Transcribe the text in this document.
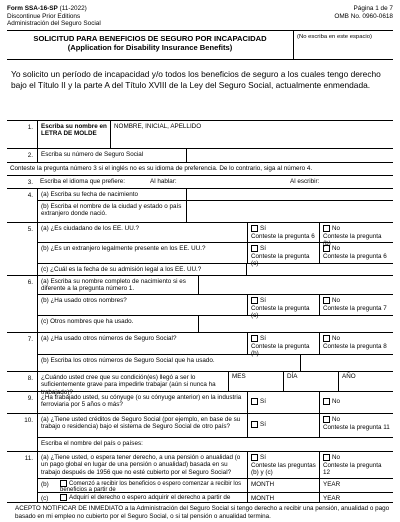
Form SSA-16-SP (11-2022)
Discontinue Prior Editions
Administración del Seguro Social
Página 1 de 7
OMB No. 0960-0618
SOLICITUD PARA BENEFICIOS DE SEGURO POR INCAPACIDAD
(Application for Disability Insurance Benefits)
(No escriba en este espacio)
Yo solicito un período de incapacidad y/o todos los beneficios de seguro a los cuales tengo derecho bajo el Título II y la parte A del Título XVIII de la Ley del Seguro Social, actualmente enmendada.
1.	Escriba su nombre en LETRA DE MOLDE
NOMBRE, INICIAL, APELLIDO
2.	Escriba su número de Seguro Social
Conteste la pregunta número 3 si el inglés no es su idioma de preferencia. De lo contrario, siga al número 4.
3.	Escriba el idioma que prefiere:	Al hablar:	Al escribir:
4.	(a) Escriba su fecha de nacimiento
(b) Escriba el nombre de la ciudad y estado o país extranjero donde nació.
5.	(a) ¿Es ciudadano de los EE. UU.?	Sí
Conteste la pregunta 6
No
Conteste la pregunta (b)
(b) ¿Es un extranjero legalmente presente en los EE. UU.?	Sí
Conteste la pregunta (c)
No
Conteste la pregunta 6
(c) ¿Cuál es la fecha de su admisión legal a los EE. UU.?
6.	(a) Escriba su nombre completo de nacimiento si es diferente a la pregunta número 1.
(b) ¿Ha usado otros nombres?	Sí
Conteste la pregunta (c)
No
Conteste la pregunta 7
(c) Otros nombres que ha usado.
7.	(a) ¿Ha usado otros números de Seguro Social?	Sí
Conteste la pregunta (b)
No
Conteste la pregunta 8
(b) Escriba los otros números de Seguro Social que ha usado.
8.	¿Cuándo usted cree que su condición(es) llegó a ser lo suficientemente grave para impedirle trabajar (aún si nunca ha trabajado)?
MES	DÍA	AÑO
9.	¿Ha trabajado usted, su cónyuge (o su cónyuge anterior) en la industria ferroviaria por 5 años o más?	Sí	No
10.	(a) ¿Tiene usted créditos de Seguro Social (por ejemplo, en base de su trabajo o residencia) bajo el sistema de Seguro Social de otro país?	Sí
No
Conteste la pregunta 11
Escriba el nombre del país o países:
11.	(a) ¿Tiene usted, o espera tener derecho, a una pensión o anualidad (o un pago global en lugar de una pensión o anualidad) basada en su trabajo después de 1956 que no esté cubierto por el Seguro Social?
Sí
Conteste las preguntas (b) y (c)
No
Conteste la pregunta 12
(b)	Comenzó a recibir los beneficios o espero comenzar a recibir los beneficios a partir de
MONTH	YEAR
(c)	Adquirí el derecho o espero adquirir el derecho a partir de	MONTH	YEAR
ACEPTO NOTIFICAR DE INMEDIATO a la Administración del Seguro Social si tengo derecho a recibir una pensión, anualidad o pago basado en mi empleo no cubierto por el Seguro Social, o si tal pensión o anualidad termina.
